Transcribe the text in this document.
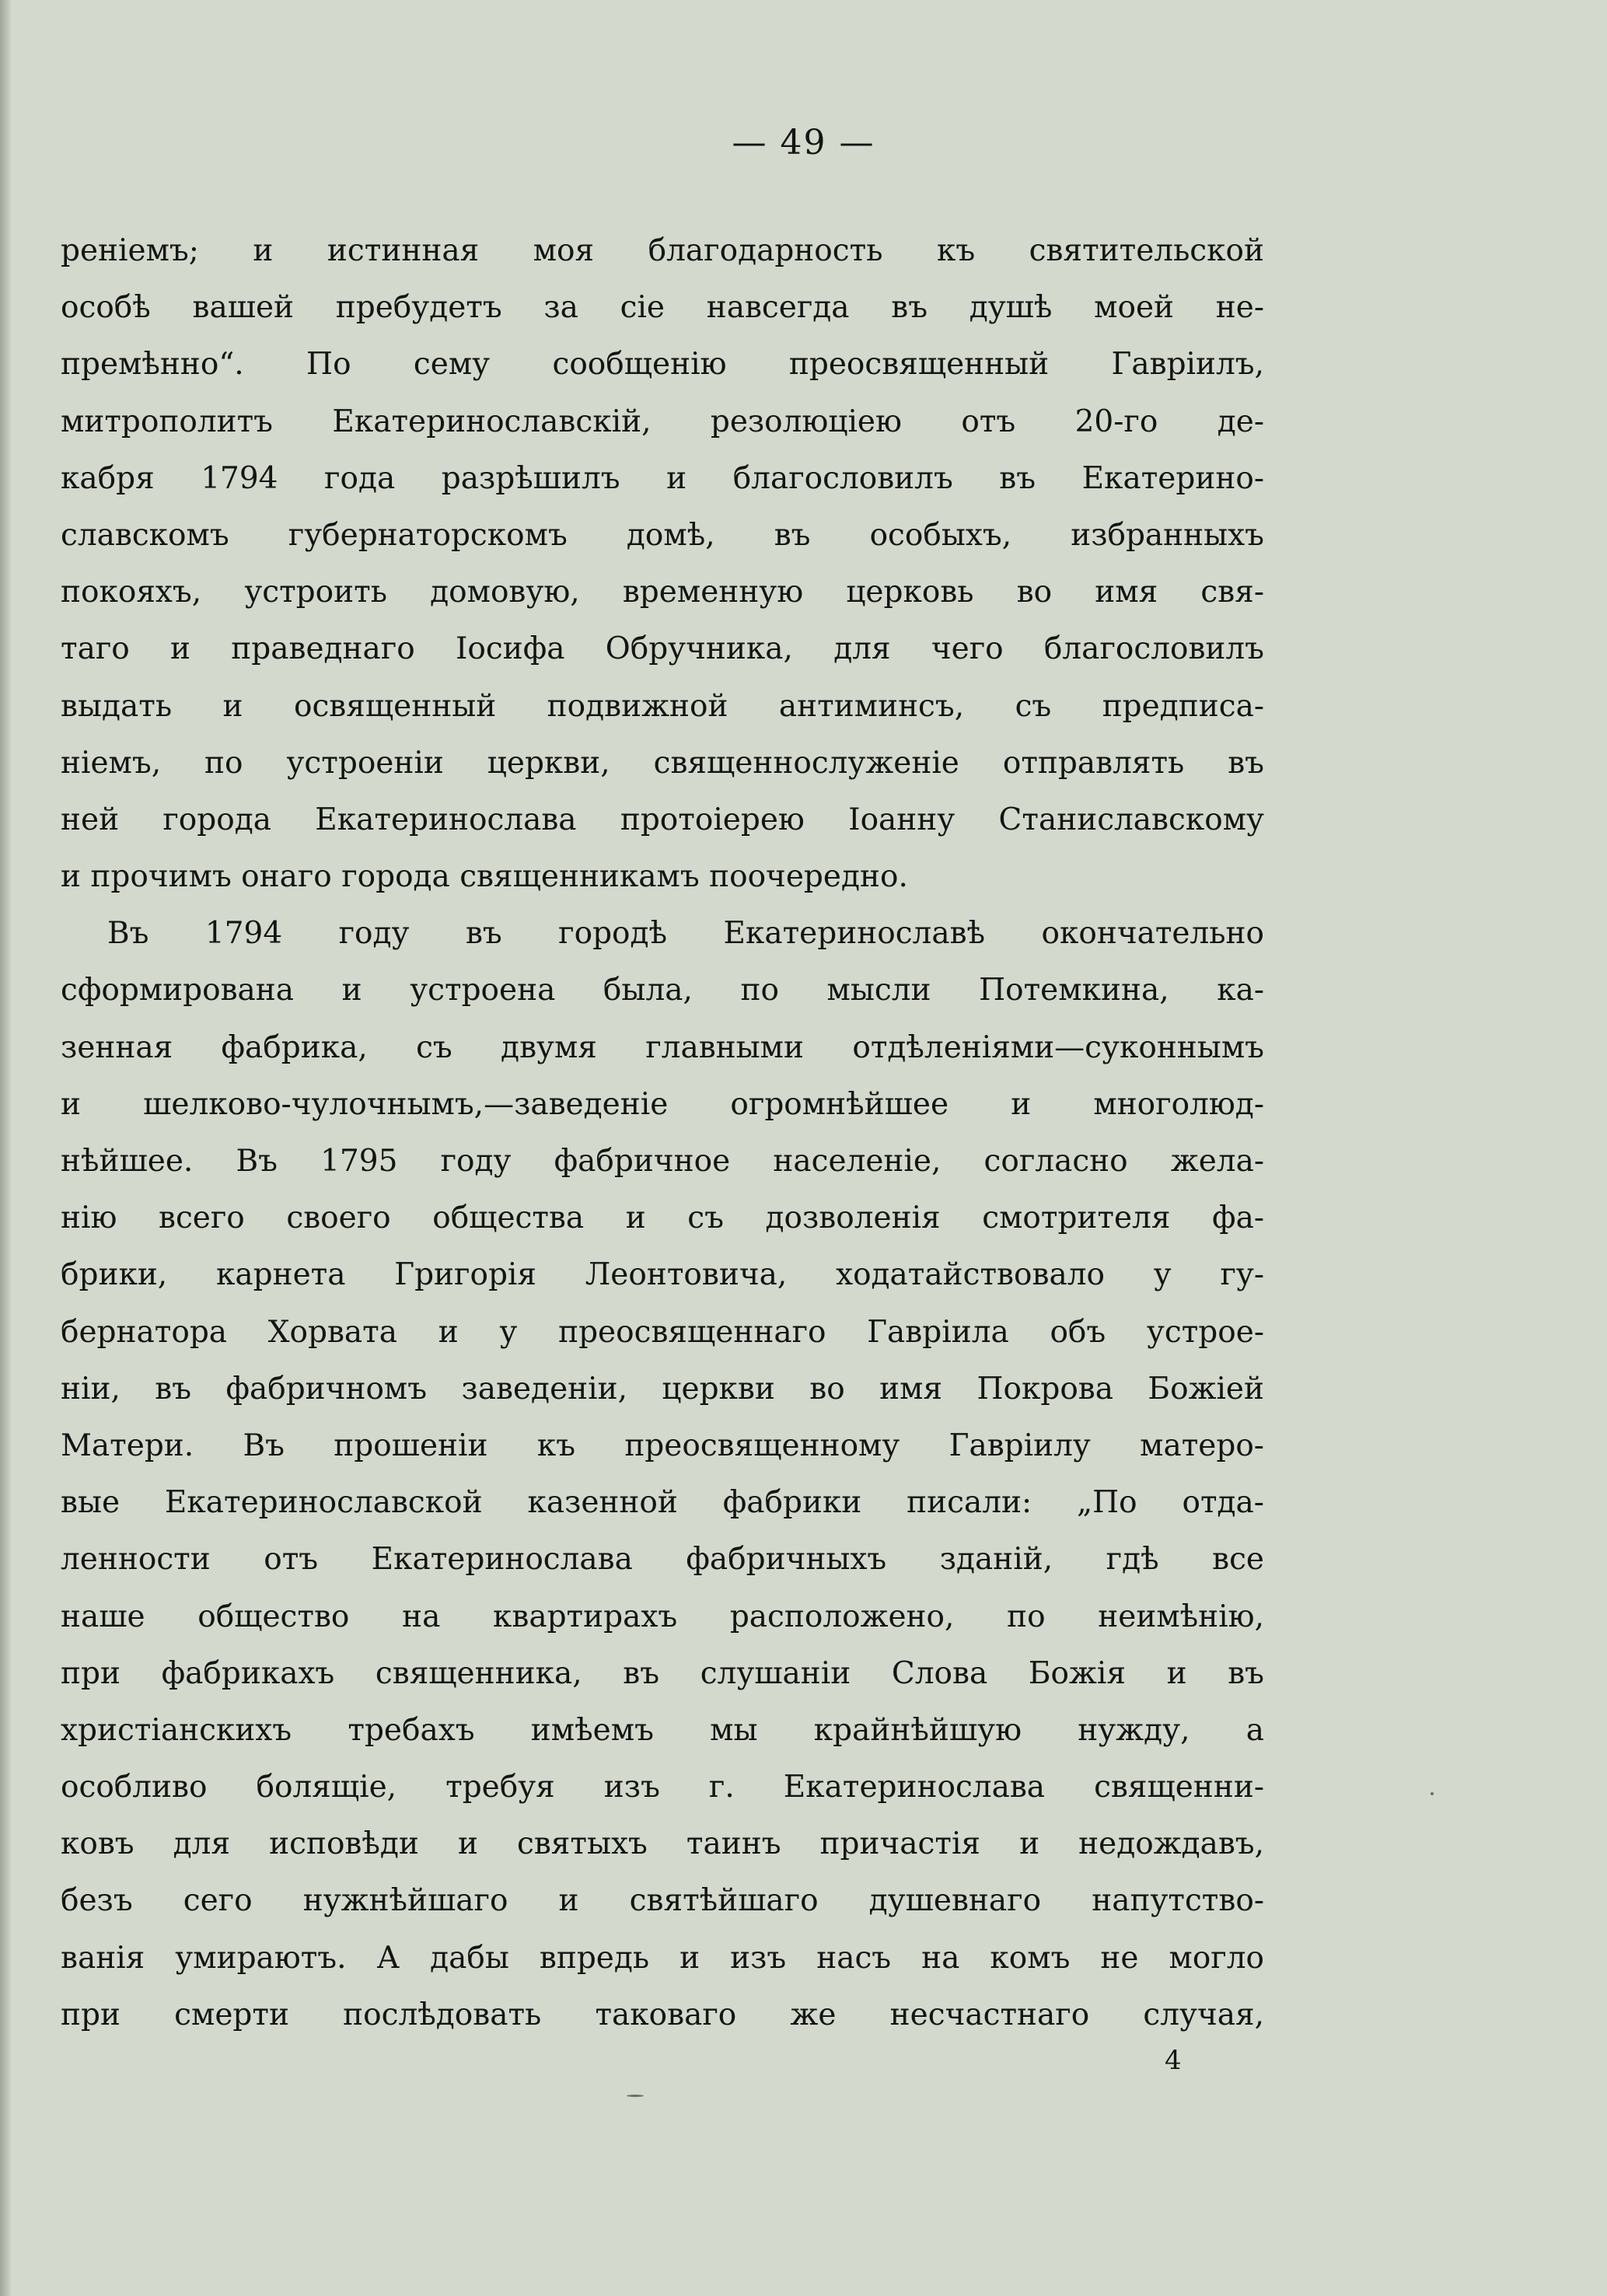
— 49 —
реніемъ; и истинная моя благодарность къ святительской
особѣ вашей пребудетъ за сіе навсегда въ душѣ моей не-
премѣнно“. По сему сообщенію преосвященный Гавріилъ,
митрополитъ Екатеринославскій, резолюціею отъ 20-го де-
кабря 1794 года разрѣшилъ и благословилъ въ Екатерино-
славскомъ губернаторскомъ домѣ, въ особыхъ, избранныхъ
покояхъ, устроить домовую, временную церковь во имя свя-
таго и праведнаго Іосифа Обручника, для чего благословилъ
выдать и освященный подвижной антиминсъ, съ предписа-
ніемъ, по устроеніи церкви, священнослуженіе отправлять въ
ней города Екатеринослава протоіерею Іоанну Станиславскому
и прочимъ онаго города священникамъ поочередно.
Въ 1794 году въ городѣ Екатеринославѣ окончательно
сформирована и устроена была, по мысли Потемкина, ка-
зенная фабрика, съ двумя главными отдѣленіями—суконнымъ
и шелково-чулочнымъ,—заведеніе огромнѣйшее и многолюд-
нѣйшее. Въ 1795 году фабричное населеніе, согласно жела-
нію всего своего общества и съ дозволенія смотрителя фа-
брики, карнета Григорія Леонтовича, ходатайствовало у гу-
бернатора Хорвата и у преосвященнаго Гавріила объ устрое-
ніи, въ фабричномъ заведеніи, церкви во имя Покрова Божіей
Матери. Въ прошеніи къ преосвященному Гавріилу матеро-
вые Екатеринославской казенной фабрики писали: „По отда-
ленности отъ Екатеринослава фабричныхъ зданій, гдѣ все
наше общество на квартирахъ расположено, по неимѣнію,
при фабрикахъ священника, въ слушаніи Слова Божія и въ
христіанскихъ требахъ имѣемъ мы крайнѣйшую нужду, а
особливо болящіе, требуя изъ г. Екатеринослава священни-
ковъ для исповѣди и святыхъ таинъ причастія и недождавъ,
безъ сего нужнѣйшаго и святѣйшаго душевнаго напутство-
ванія умираютъ. А дабы впредь и изъ насъ на комъ не могло
при смерти послѣдовать таковаго же несчастнаго случая,
4
